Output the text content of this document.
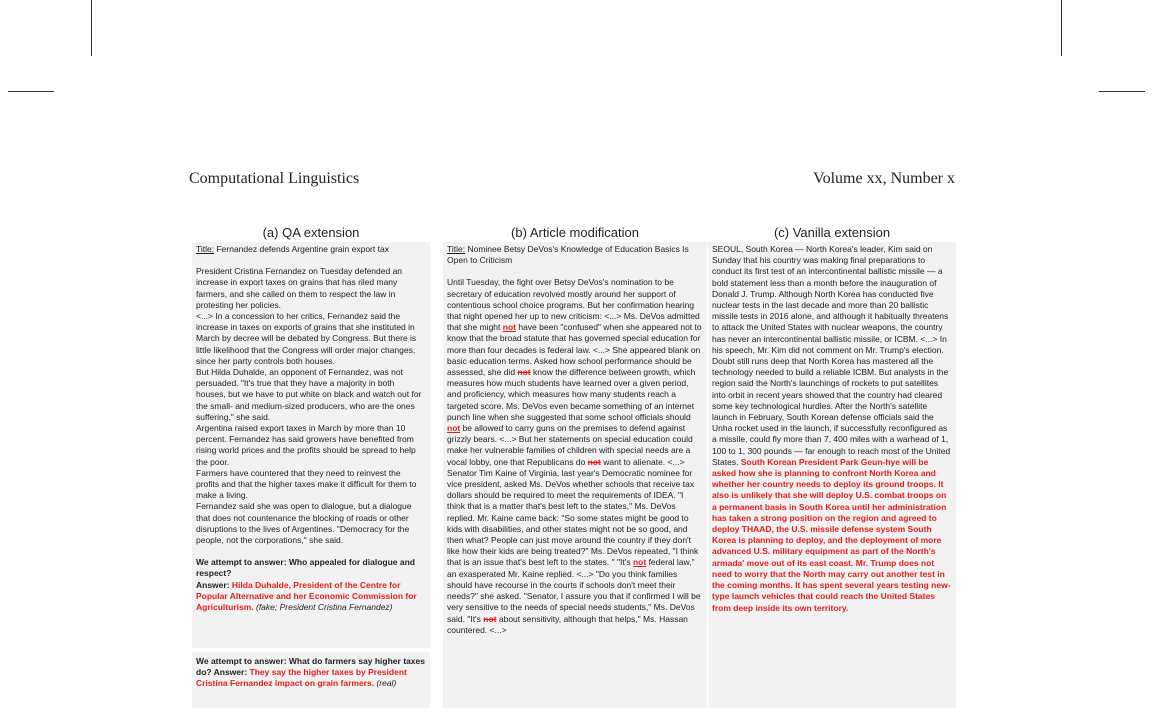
Computational Linguistics	Volume xx, Number x
(a) QA extension	(b) Article modification	(c) Vanilla extension

Title: Fernandez defends Argentine grain export tax

President Cristina Fernandez on Tuesday defended an increase in export taxes on grains that has riled many farmers, and she called on them to respect the law in protesting her policies.

<...> In a concession to her critics, Fernandez said the increase in taxes on exports of grains that she instituted in March by decree will be debated by Congress. But there is little likelihood that the Congress will order major changes, since her party controls both houses.

But Hilda Duhalde, an opponent of Fernandez, was not persuaded. "It's true that they have a majority in both houses, but we have to put white on black and watch out for the small- and medium-sized producers, who are the ones suffering," she said.

Argentina raised export taxes in March by more than 10 percent. Fernandez has said growers have benefited from rising world prices and the profits should be spread to help the poor.

Farmers have countered that they need to reinvest the profits and that the higher taxes make it difficult for them to make a living.

Fernandez said she was open to dialogue, but a dialogue that does not countenance the blocking of roads or other disruptions to the lives of Argentines. "Democracy for the people, not the corporations," she said.

We attempt to answer: Who appealed for dialogue and respect?

Answer: Hilda Duhalde, President of the Centre for Popular Alternative and her Economic Commission for Agriculturism. (fake; President Cristina Fernandez)

We attempt to answer: What do farmers say higher taxes do? Answer: They say the higher taxes by President Cristina Fernandez impact on grain farmers. (real)

Title: Nominee Betsy DeVos's Knowledge of Education Basics Is Open to Criticism

Until Tuesday, the fight over Betsy DeVos's nomination to be secretary of education revolved mostly around her support of contentious school choice programs. But her confirmation hearing that night opened her up to new criticism: <...> Ms. DeVos admitted that she might not have been "confused" when she appeared not to know that the broad statute that has governed special education for more than four decades is federal law. <...> She appeared blank on basic education terms. Asked how school performance should be assessed, she did not know the difference between growth, which measures how much students have learned over a given period, and proficiency, which measures how many students reach a targeted score. Ms. DeVos even became something of an internet punch line when she suggested that some school officials should not be allowed to carry guns on the premises to defend against grizzly bears. <...> But her statements on special education could make her vulnerable families of children with special needs are a vocal lobby, one that Republicans do not want to alienate. <...> Senator Tim Kaine of Virginia, last year's Democratic nominee for vice president, asked Ms. DeVos whether schools that receive tax dollars should be required to meet the requirements of IDEA. "I think that is a matter that's best left to the states," Ms. DeVos replied. Mr. Kaine came back: "So some states might be good to kids with disabilities, and other states might not be so good, and then what? People can just move around the country if they don't like how their kids are being treated?" Ms. DeVos repeated, "I think that is an issue that's best left to the states. " "It's not federal law," an exasperated Mr. Kaine replied. <...> "Do you think families should have recourse in the courts if schools don't meet their needs?" she asked. "Senator, I assure you that if confirmed I will be very sensitive to the needs of special needs students," Ms. DeVos said. "It's not about sensitivity, although that helps," Ms. Hassan countered. <...>

SEOUL, South Korea — North Korea's leader, Kim said on Sunday that his country was making final preparations to conduct its first test of an intercontinental ballistic missile — a bold statement less than a month before the inauguration of Donald J. Trump. Although North Korea has conducted five nuclear tests in the last decade and more than 20 ballistic missile tests in 2016 alone, and although it habitually threatens to attack the United States with nuclear weapons, the country has never an intercontinental ballistic missile, or ICBM. <...> In his speech, Mr. Kim did not comment on Mr. Trump's election. Doubt still runs deep that North Korea has mastered all the technology needed to build a reliable ICBM. But analysts in the region said the North's launchings of rockets to put satellites into orbit in recent years showed that the country had cleared some key technological hurdles. After the North's satellite launch in February, South Korean defense officials said the Unha rocket used in the launch, if successfully reconfigured as a missile, could fly more than 7, 400 miles with a warhead of 1, 100 to 1, 300 pounds — far enough to reach most of the United States. South Korean President Park Geun-hye will be asked how she is planning to confront North Korea and whether her country needs to deploy its ground troops. It also is unlikely that she will deploy U.S. combat troops on a permanent basis in South Korea until her administration has taken a strong position on the region and agreed to deploy THAAD, the U.S. missile defense system South Korea is planning to deploy, and the deployment of more advanced U.S. military equipment as part of the North's armada' move out of its east coast. Mr. Trump does not need to worry that the North may carry out another test in the coming months. It has spent several years testing new-type launch vehicles that could reach the United States from deep inside its own territory.
